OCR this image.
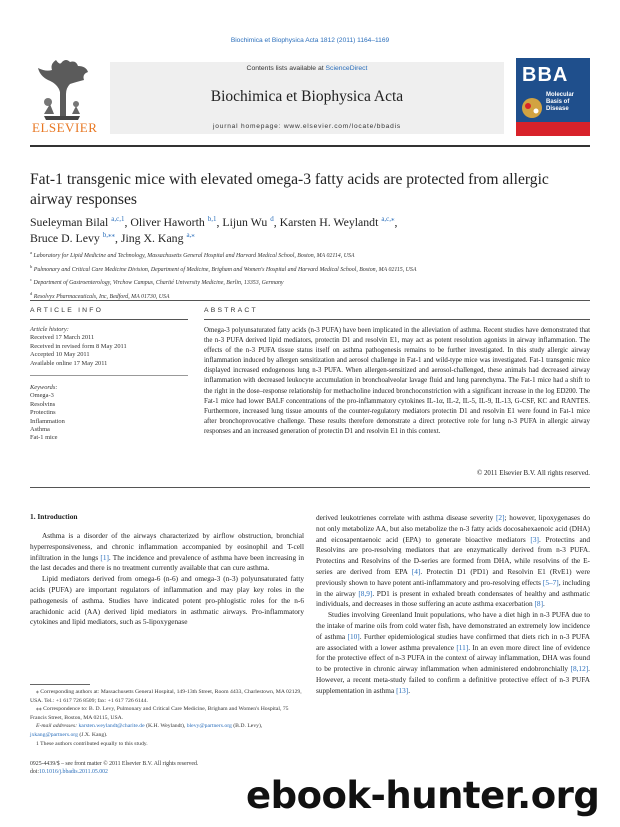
Biochimica et Biophysica Acta 1812 (2011) 1164–1169
ELSEVIER
Contents lists available at ScienceDirect
Biochimica et Biophysica Acta
journal homepage: www.elsevier.com/locate/bbadis
BBA
Molecular Basis of Disease
Fat-1 transgenic mice with elevated omega-3 fatty acids are protected from allergic airway responses
Sueleyman Bilal $^{a,c,1}$, Oliver Haworth $^{b,1}$, Lijun Wu $^d$, Karsten H. Weylandt $^{a,c,⁎}$,
Bruce D. Levy $^{b,⁎⁎}$, Jing X. Kang $^{a,⁎}$
$^a$ Laboratory for Lipid Medicine and Technology, Massachusetts General Hospital and Harvard Medical School, Boston, MA 02114, USA
$^b$ Pulmonary and Critical Care Medicine Division, Department of Medicine, Brigham and Women's Hospital and Harvard Medical School, Boston, MA 02115, USA
$^c$ Department of Gastroenterology, Virchow Campus, Charité University Medicine, Berlin, 13353, Germany
$^d$ Resolvyx Pharmaceuticals, Inc, Bedford, MA 01730, USA
ARTICLE INFO	ABSTRACT
Article history:
Received 17 March 2011
Received in revised form 8 May 2011
Accepted 10 May 2011
Available online 17 May 2011
Keywords:
Omega-3
Resolvins
Protectins
Inflammation
Asthma
Fat-1 mice
Omega-3 polyunsaturated fatty acids (n-3 PUFA) have been implicated in the alleviation of asthma. Recent studies have demonstrated that the n-3 PUFA derived lipid mediators, protectin D1 and resolvin E1, may act as potent resolution agonists in airway inflammation. The effects of the n-3 PUFA tissue status itself on asthma pathogenesis remains to be further investigated. In this study allergic airway inflammation induced by allergen sensitization and aerosol challenge in Fat-1 and wild-type mice was investigated. Fat-1 transgenic mice displayed increased endogenous lung n-3 PUFA. When allergen-sensitized and aerosol-challenged, these animals had decreased airway inflammation with decreased leukocyte accumulation in bronchoalveolar lavage fluid and lung parenchyma. The Fat-1 mice had a shift to the right in the dose–response relationship for methacholine induced bronchoconstriction with a significant increase in the log ED200. The Fat-1 mice had lower BALF concentrations of the pro-inflammatory cytokines IL-1α, IL-2, IL-5, IL-9, IL-13, G-CSF, KC and RANTES. Furthermore, increased lung tissue amounts of the counter-regulatory mediators protectin D1 and resolvin E1 were found in Fat-1 mice after bronchoprovocative challenge. These results therefore demonstrate a direct protective role for lung n-3 PUFA in allergic airway responses and an increased generation of protectin D1 and resolvin E1 in this context.
© 2011 Elsevier B.V. All rights reserved.
1. Introduction

Asthma is a disorder of the airways characterized by airflow obstruction, bronchial hyperresponsiveness, and chronic inflammation accompanied by eosinophil and T-cell infiltration in the lungs [1]. The incidence and prevalence of asthma have been increasing in the last decades and there is no treatment currently available that can cure asthma.

Lipid mediators derived from omega-6 (n-6) and omega-3 (n-3) polyunsaturated fatty acids (PUFA) are important regulators of inflammation and may play key roles in the pathogenesis of asthma. Studies have indicated potent pro-phlogistic roles for the n-6 arachidonic acid (AA) derived lipid mediators in asthmatic airways. Pro-inflammatory cytokines and lipid mediators, such as 5-lipoxygenase

derived leukotrienes correlate with asthma disease severity [2]; however, lipoxygenases do not only metabolize AA, but also metabolize the n-3 fatty acids docosahexaenoic acid (DHA) and eicosapentaenoic acid (EPA) to generate bioactive mediators [3]. Protectins and Resolvins are pro-resolving mediators that are enzymatically derived from n-3 PUFA. Protectins and Resolvins of the D-series are formed from DHA, while resolvins of the E-series are derived from EPA [4]. Protectin D1 (PD1) and Resolvin E1 (RvE1) were previously shown to have potent anti-inflammatory and pro-resolving effects [5–7], including in the airway [8,9]. PD1 is present in exhaled breath condensates of healthy and asthmatic individuals, and decreases in those suffering an acute asthma exacerbation [8].

Studies involving Greenland Inuit populations, who have a diet high in n-3 PUFA due to the intake of marine oils from cold water fish, have demonstrated an extremely low incidence of asthma [10]. Further epidemiological studies have confirmed that diets rich in n-3 PUFA are associated with a lower asthma prevalence [11]. In an even more direct line of evidence for the protective effect of n-3 PUFA in the context of airway inflammation, DHA was found to be protective in chronic airway inflammation when administered endobronchially [8,12]. However, a recent meta-study failed to confirm a definitive protective effect of n-3 PUFA supplementation in asthma [13].

⁎ Corresponding authors at: Massachusetts General Hospital, 149-13th Street, Room 4433, Charlestown, MA 02129, USA. Tel.: +1 617 726 8509; fax: +1 617 726 6144.
⁎⁎ Correspondence to: B. D. Levy, Pulmonary and Critical Care Medicine, Brigham and Women's Hospital, 75 Francis Street, Boston, MA 02115, USA.
E-mail addresses: karsten.weylandt@charite.de (K.H. Weylandt), blevy@partners.org (B.D. Levy), jxkang@partners.org (J.X. Kang).
1 These authors contributed equally to this study.
0925-4439/$ – see front matter © 2011 Elsevier B.V. All rights reserved.
doi:10.1016/j.bbadis.2011.05.002
ebook-hunter.org
